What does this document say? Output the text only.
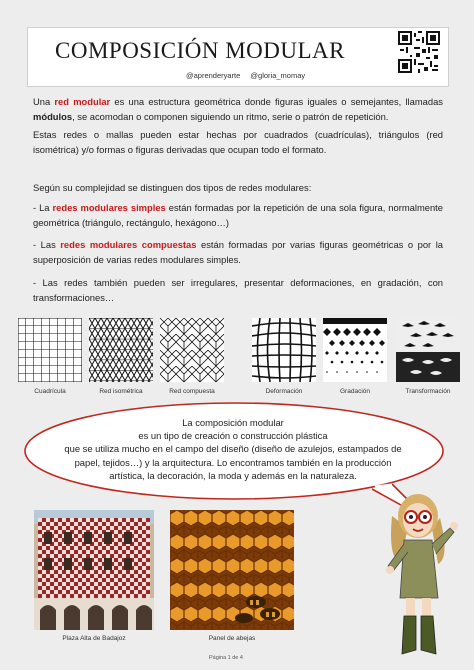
COMPOSICIÓN MODULAR
@aprenderyarte @gloria_momay
Una red modular es una estructura geométrica donde figuras iguales o semejantes, llamadas módulos, se acomodan o componen siguiendo un ritmo, serie o patrón de repetición.
Estas redes o mallas pueden estar hechas por cuadrados (cuadrículas), triángulos (red isométrica) y/o formas o figuras derivadas que ocupan todo el formato.
Según su complejidad se distinguen dos tipos de redes modulares:
- La redes modulares simples están formadas por la repetición de una sola figura, normalmente geométrica (triángulo, rectángulo, hexágono…)
- Las redes modulares compuestas están formadas por varias figuras geométricas o por la superposición de varias redes modulares simples.
- Las redes también pueden ser irregulares, presentar deformaciones, en gradación, con transformaciones…
Cuadrícula	Red isométrica	Red compuesta	Deformación	Gradación	Transformación
La composición modular
es un tipo de creación o construcción plástica
que se utiliza mucho en el campo del diseño (diseño de azulejos, estampados de
papel, tejidos…) y la arquitectura. Lo encontramos también en la producción
artística, la decoración, la moda y además en la naturaleza.
Plaza Alta de Badajoz	Panel de abejas
Página 1 de 4
